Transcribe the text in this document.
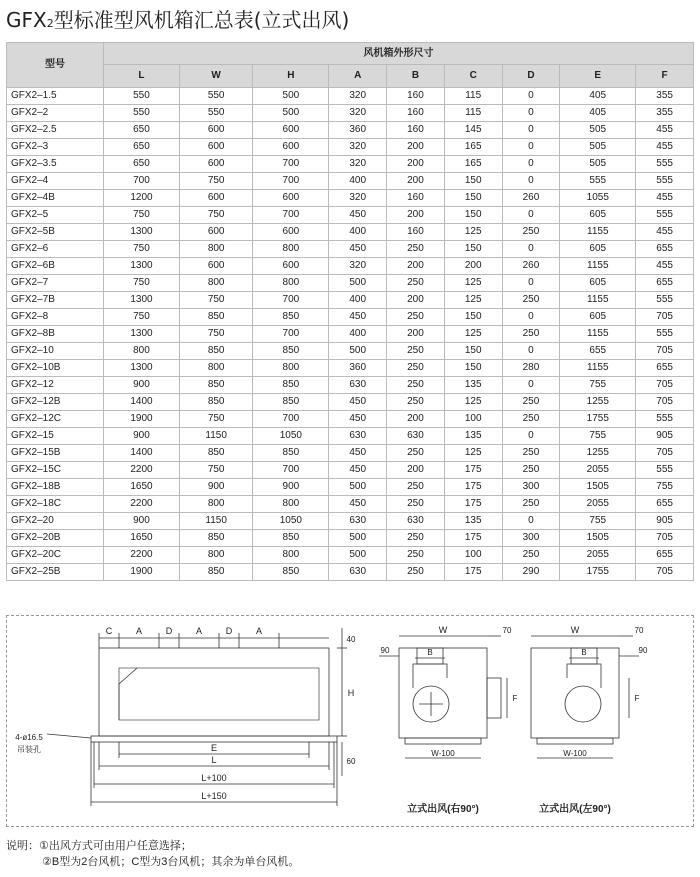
GFX2型标准型风机箱汇总表(立式出风)
型号	风机箱外形尺寸								
	L	W	H	A	B	C	D	E	F
GFX2–1.5	550	550	500	320	160	115	0	405	355
GFX2–2	550	550	500	320	160	115	0	405	355
GFX2–2.5	650	600	600	360	160	145	0	505	455
GFX2–3	650	600	600	320	200	165	0	505	455
GFX2–3.5	650	600	700	320	200	165	0	505	555
GFX2–4	700	750	700	400	200	150	0	555	555
GFX2–4B	1200	600	600	320	160	150	260	1055	455
GFX2–5	750	750	700	450	200	150	0	605	555
GFX2–5B	1300	600	600	400	160	125	250	1155	455
GFX2–6	750	800	800	450	250	150	0	605	655
GFX2–6B	1300	600	600	320	200	200	260	1155	455
GFX2–7	750	800	800	500	250	125	0	605	655
GFX2–7B	1300	750	700	400	200	125	250	1155	555
GFX2–8	750	850	850	450	250	150	0	605	705
GFX2–8B	1300	750	700	400	200	125	250	1155	555
GFX2–10	800	850	850	500	250	150	0	655	705
GFX2–10B	1300	800	800	360	250	150	280	1155	655
GFX2–12	900	850	850	630	250	135	0	755	705
GFX2–12B	1400	850	850	450	250	125	250	1255	705
GFX2–12C	1900	750	700	450	200	100	250	1755	555
GFX2–15	900	1150	1050	630	630	135	0	755	905
GFX2–15B	1400	850	850	450	250	125	250	1255	705
GFX2–15C	2200	750	700	450	200	175	250	2055	555
GFX2–18B	1650	900	900	500	250	175	300	1505	755
GFX2–18C	2200	800	800	450	250	175	250	2055	655
GFX2–20	900	1150	1050	630	630	135	0	755	905
GFX2–20B	1650	850	850	500	250	175	300	1505	705
GFX2–20C	2200	800	800	500	250	100	250	2055	655
GFX2–25B	1900	850	850	630	250	175	290	1755	705
C	A	D	A	D	A
40
H
60
E
L
L+100
L+150
4-ø16.5
吊装孔
W	70
90	B
F
W-100
立式出风(右90°)
W	70
90
B
F
W-100
立式出风(左90°)
说明：①出风方式可由用户任意选择；
②B型为2台风机；C型为3台风机；其余为单台风机。
